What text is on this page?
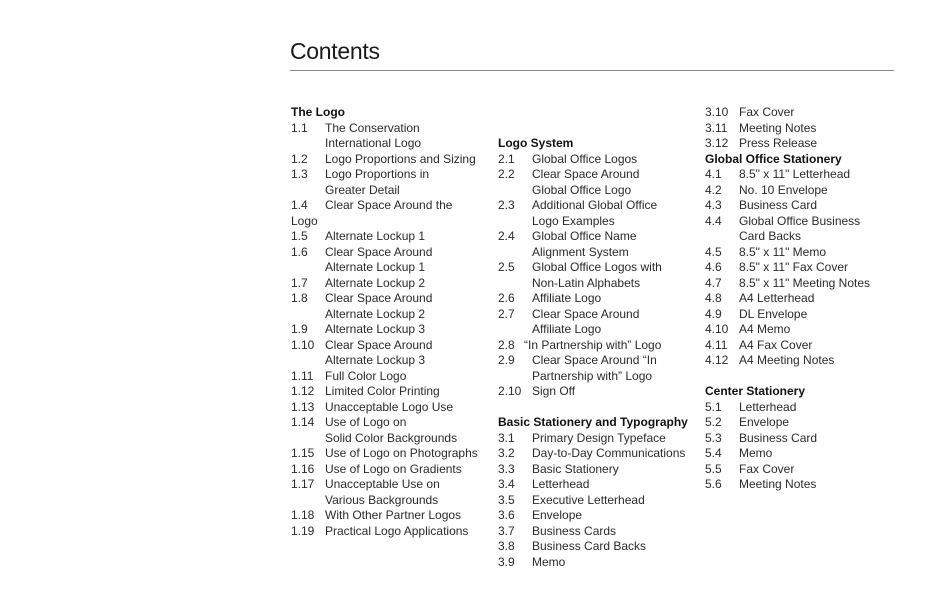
Contents
The Logo
1.1 The Conservation
International Logo
1.2 Logo Proportions and Sizing
1.3 Logo Proportions in
Greater Detail
1.4 Clear Space Around the
Logo
1.5 Alternate Lockup 1
1.6 Clear Space Around
Alternate Lockup 1
1.7 Alternate Lockup 2
1.8 Clear Space Around
Alternate Lockup 2
1.9 Alternate Lockup 3
1.10 Clear Space Around
Alternate Lockup 3
1.11 Full Color Logo
1.12 Limited Color Printing
1.13 Unacceptable Logo Use
1.14 Use of Logo on
Solid Color Backgrounds
1.15 Use of Logo on Photographs
1.16 Use of Logo on Gradients
1.17 Unacceptable Use on
Various Backgrounds
1.18 With Other Partner Logos
1.19 Practical Logo Applications
Logo System
2.1 Global Office Logos
2.2 Clear Space Around
Global Office Logo
2.3 Additional Global Office
Logo Examples
2.4 Global Office Name
Alignment System
2.5 Global Office Logos with
Non-Latin Alphabets
2.6 Affiliate Logo
2.7 Clear Space Around
Affiliate Logo
2.8 “In Partnership with” Logo
2.9 Clear Space Around “In
Partnership with” Logo
2.10 Sign Off
Basic Stationery and Typography
3.1 Primary Design Typeface
3.2 Day-to-Day Communications
3.3 Basic Stationery
3.4 Letterhead
3.5 Executive Letterhead
3.6 Envelope
3.7 Business Cards
3.8 Business Card Backs
3.9 Memo
3.10 Fax Cover
3.11 Meeting Notes
3.12 Press Release
Global Office Stationery
4.1 8.5" x 11" Letterhead
4.2 No. 10 Envelope
4.3 Business Card
4.4 Global Office Business
Card Backs
4.5 8.5" x 11" Memo
4.6 8.5" x 11" Fax Cover
4.7 8.5" x 11" Meeting Notes
4.8 A4 Letterhead
4.9 DL Envelope
4.10 A4 Memo
4.11 A4 Fax Cover
4.12 A4 Meeting Notes
Center Stationery
5.1 Letterhead
5.2 Envelope
5.3 Business Card
5.4 Memo
5.5 Fax Cover
5.6 Meeting Notes
